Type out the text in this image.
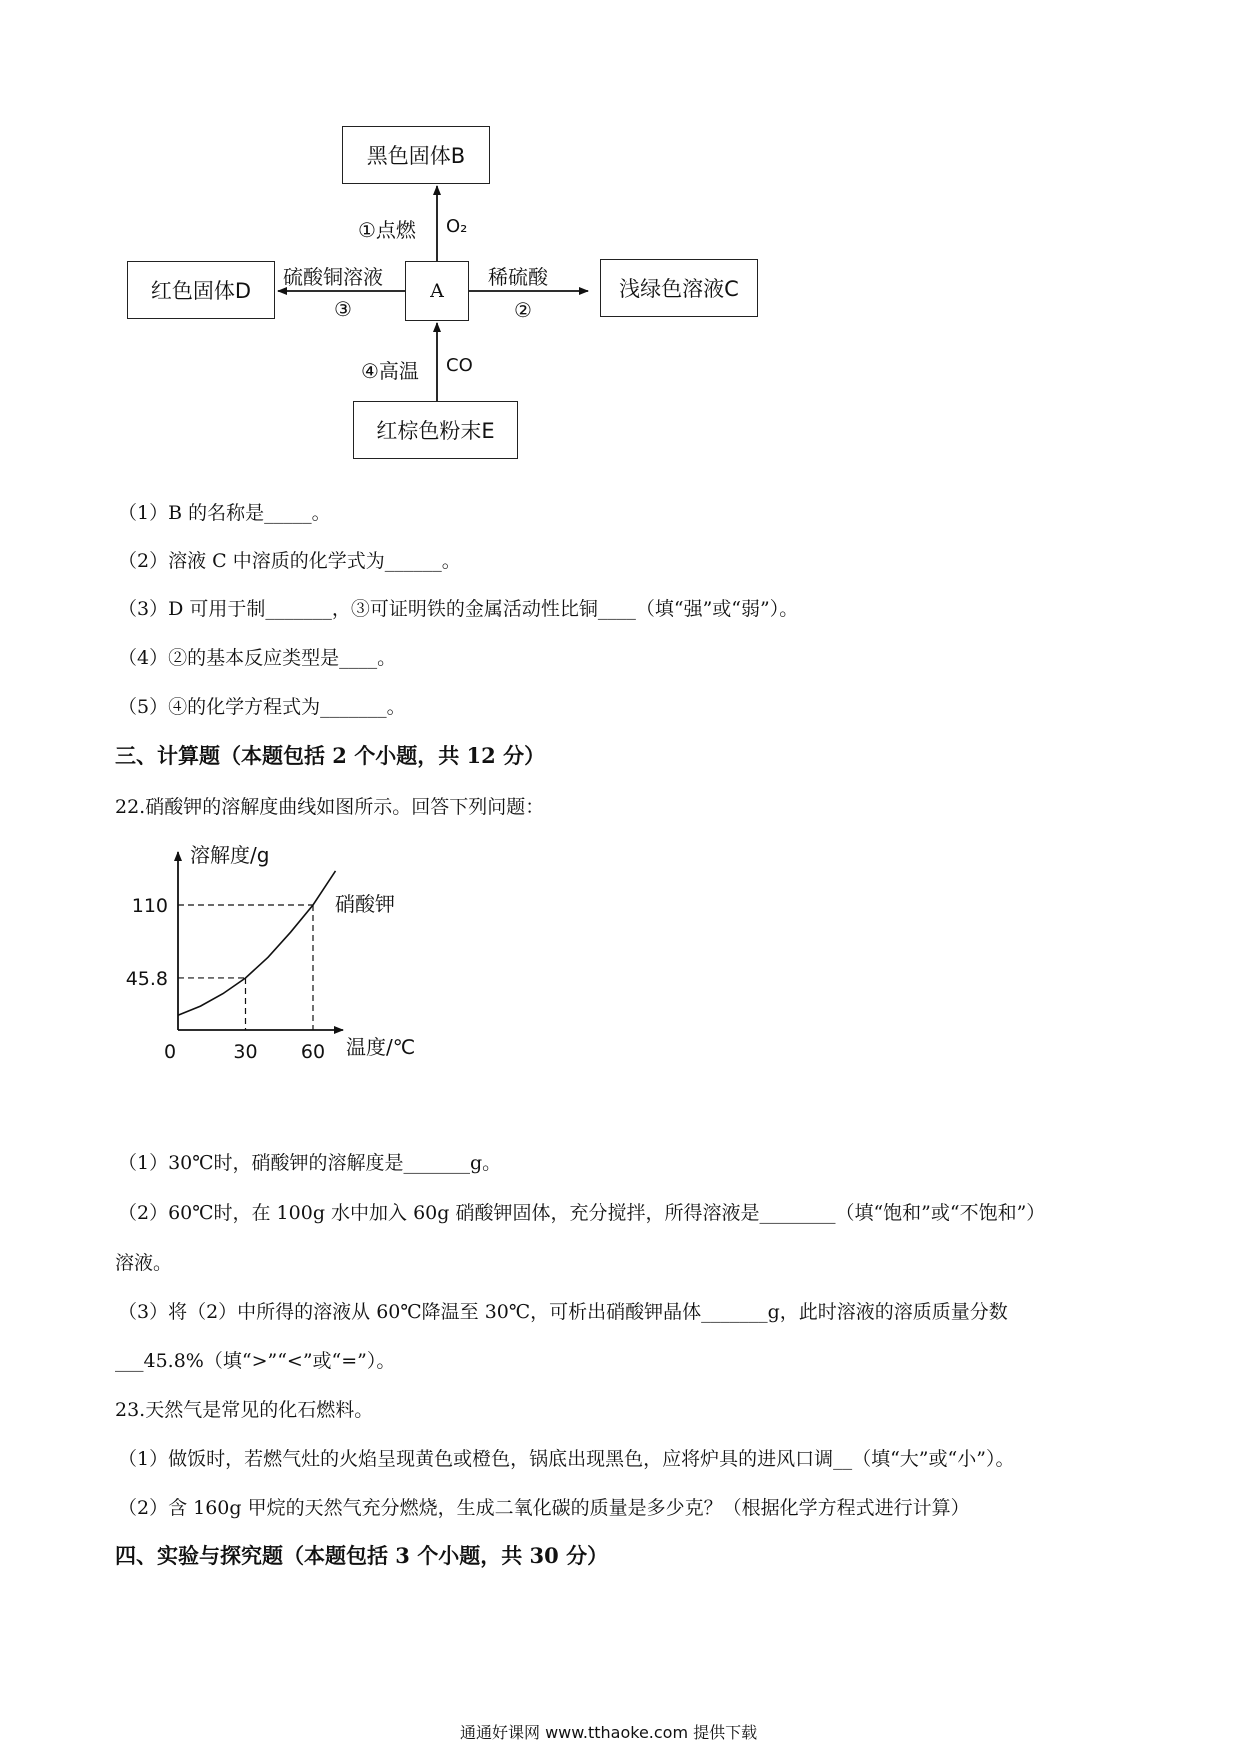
黑色固体B
A
红色固体D	浅绿色溶液C
红棕色粉末E
①点燃 O₂
硫酸铜溶液
③
稀硫酸
②
④高温 CO
（1）B 的名称是_____。
（2）溶液 C 中溶质的化学式为______。
（3）D 可用于制_______，③可证明铁的金属活动性比铜____（填“强”或“弱”）。
（4）②的基本反应类型是____。
（5）④的化学方程式为_______。
三、计算题（本题包括 2 个小题，共 12 分）
22.硝酸钾的溶解度曲线如图所示。回答下列问题：
溶解度/g
温度/℃
硝酸钾
45.8
110
0	30 60
（1）30℃时，硝酸钾的溶解度是_______g。
（2）60℃时，在 100g 水中加入 60g 硝酸钾固体，充分搅拌，所得溶液是________（填“饱和”或“不饱和”）
溶液。
（3）将（2）中所得的溶液从 60℃降温至 30℃，可析出硝酸钾晶体_______g，此时溶液的溶质质量分数
___45.8%（填“>”“<”或“=”）。
23.天然气是常见的化石燃料。
（1）做饭时，若燃气灶的火焰呈现黄色或橙色，锅底出现黑色，应将炉具的进风口调__（填“大”或“小”）。
（2）含 160g 甲烷的天然气充分燃烧，生成二氧化碳的质量是多少克？（根据化学方程式进行计算）
四、实验与探究题（本题包括 3 个小题，共 30 分）
通通好课网 www.tthaoke.com 提供下载
